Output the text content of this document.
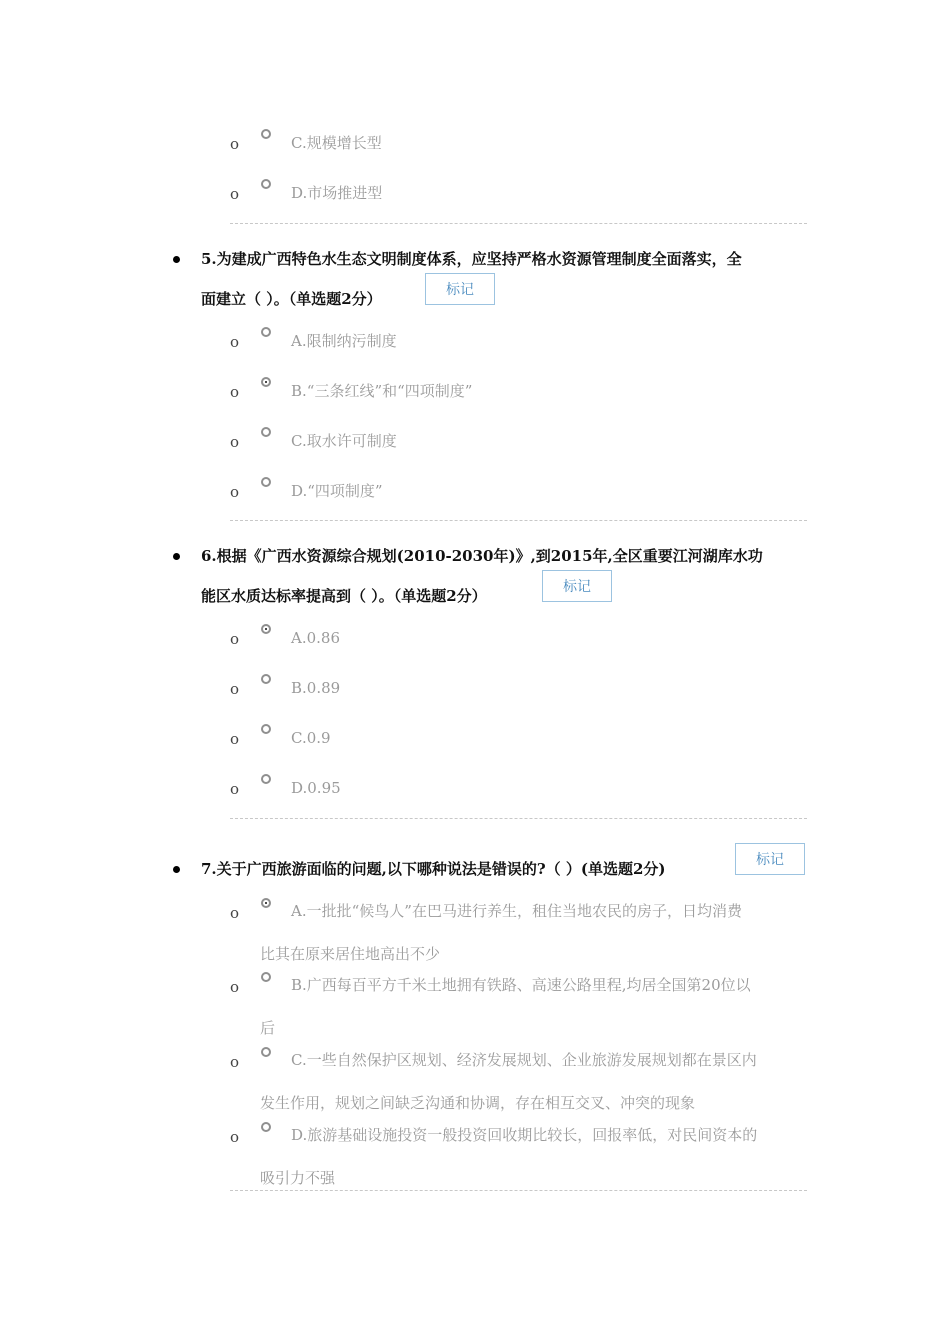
o	C.规模增长型
o	D.市场推进型
5.为建成广西特色水生态文明制度体系，应坚持严格水资源管理制度全面落实，全
面建立（ ）。（单选题2分）	标记
o	A.限制纳污制度
o	B.“三条红线”和“四项制度”
o	C.取水许可制度
o	D.“四项制度”
6.根据《广西水资源综合规划(2010-2030年)》,到2015年,全区重要江河湖库水功
能区水质达标率提高到（ ）。（单选题2分）	标记
o	A.0.86
o	B.0.89
o	C.0.9
o	D.0.95
7.关于广西旅游面临的问题,以下哪种说法是错误的?（ ）(单选题2分)	标记
o	A.一批批“候鸟人”在巴马进行养生，租住当地农民的房子，日均消费
比其在原来居住地高出不少
o	B.广西每百平方千米土地拥有铁路、高速公路里程,均居全国第20位以
后
o	C.一些自然保护区规划、经济发展规划、企业旅游发展规划都在景区内
发生作用，规划之间缺乏沟通和协调，存在相互交叉、冲突的现象
o	D.旅游基础设施投资一般投资回收期比较长，回报率低，对民间资本的
吸引力不强
